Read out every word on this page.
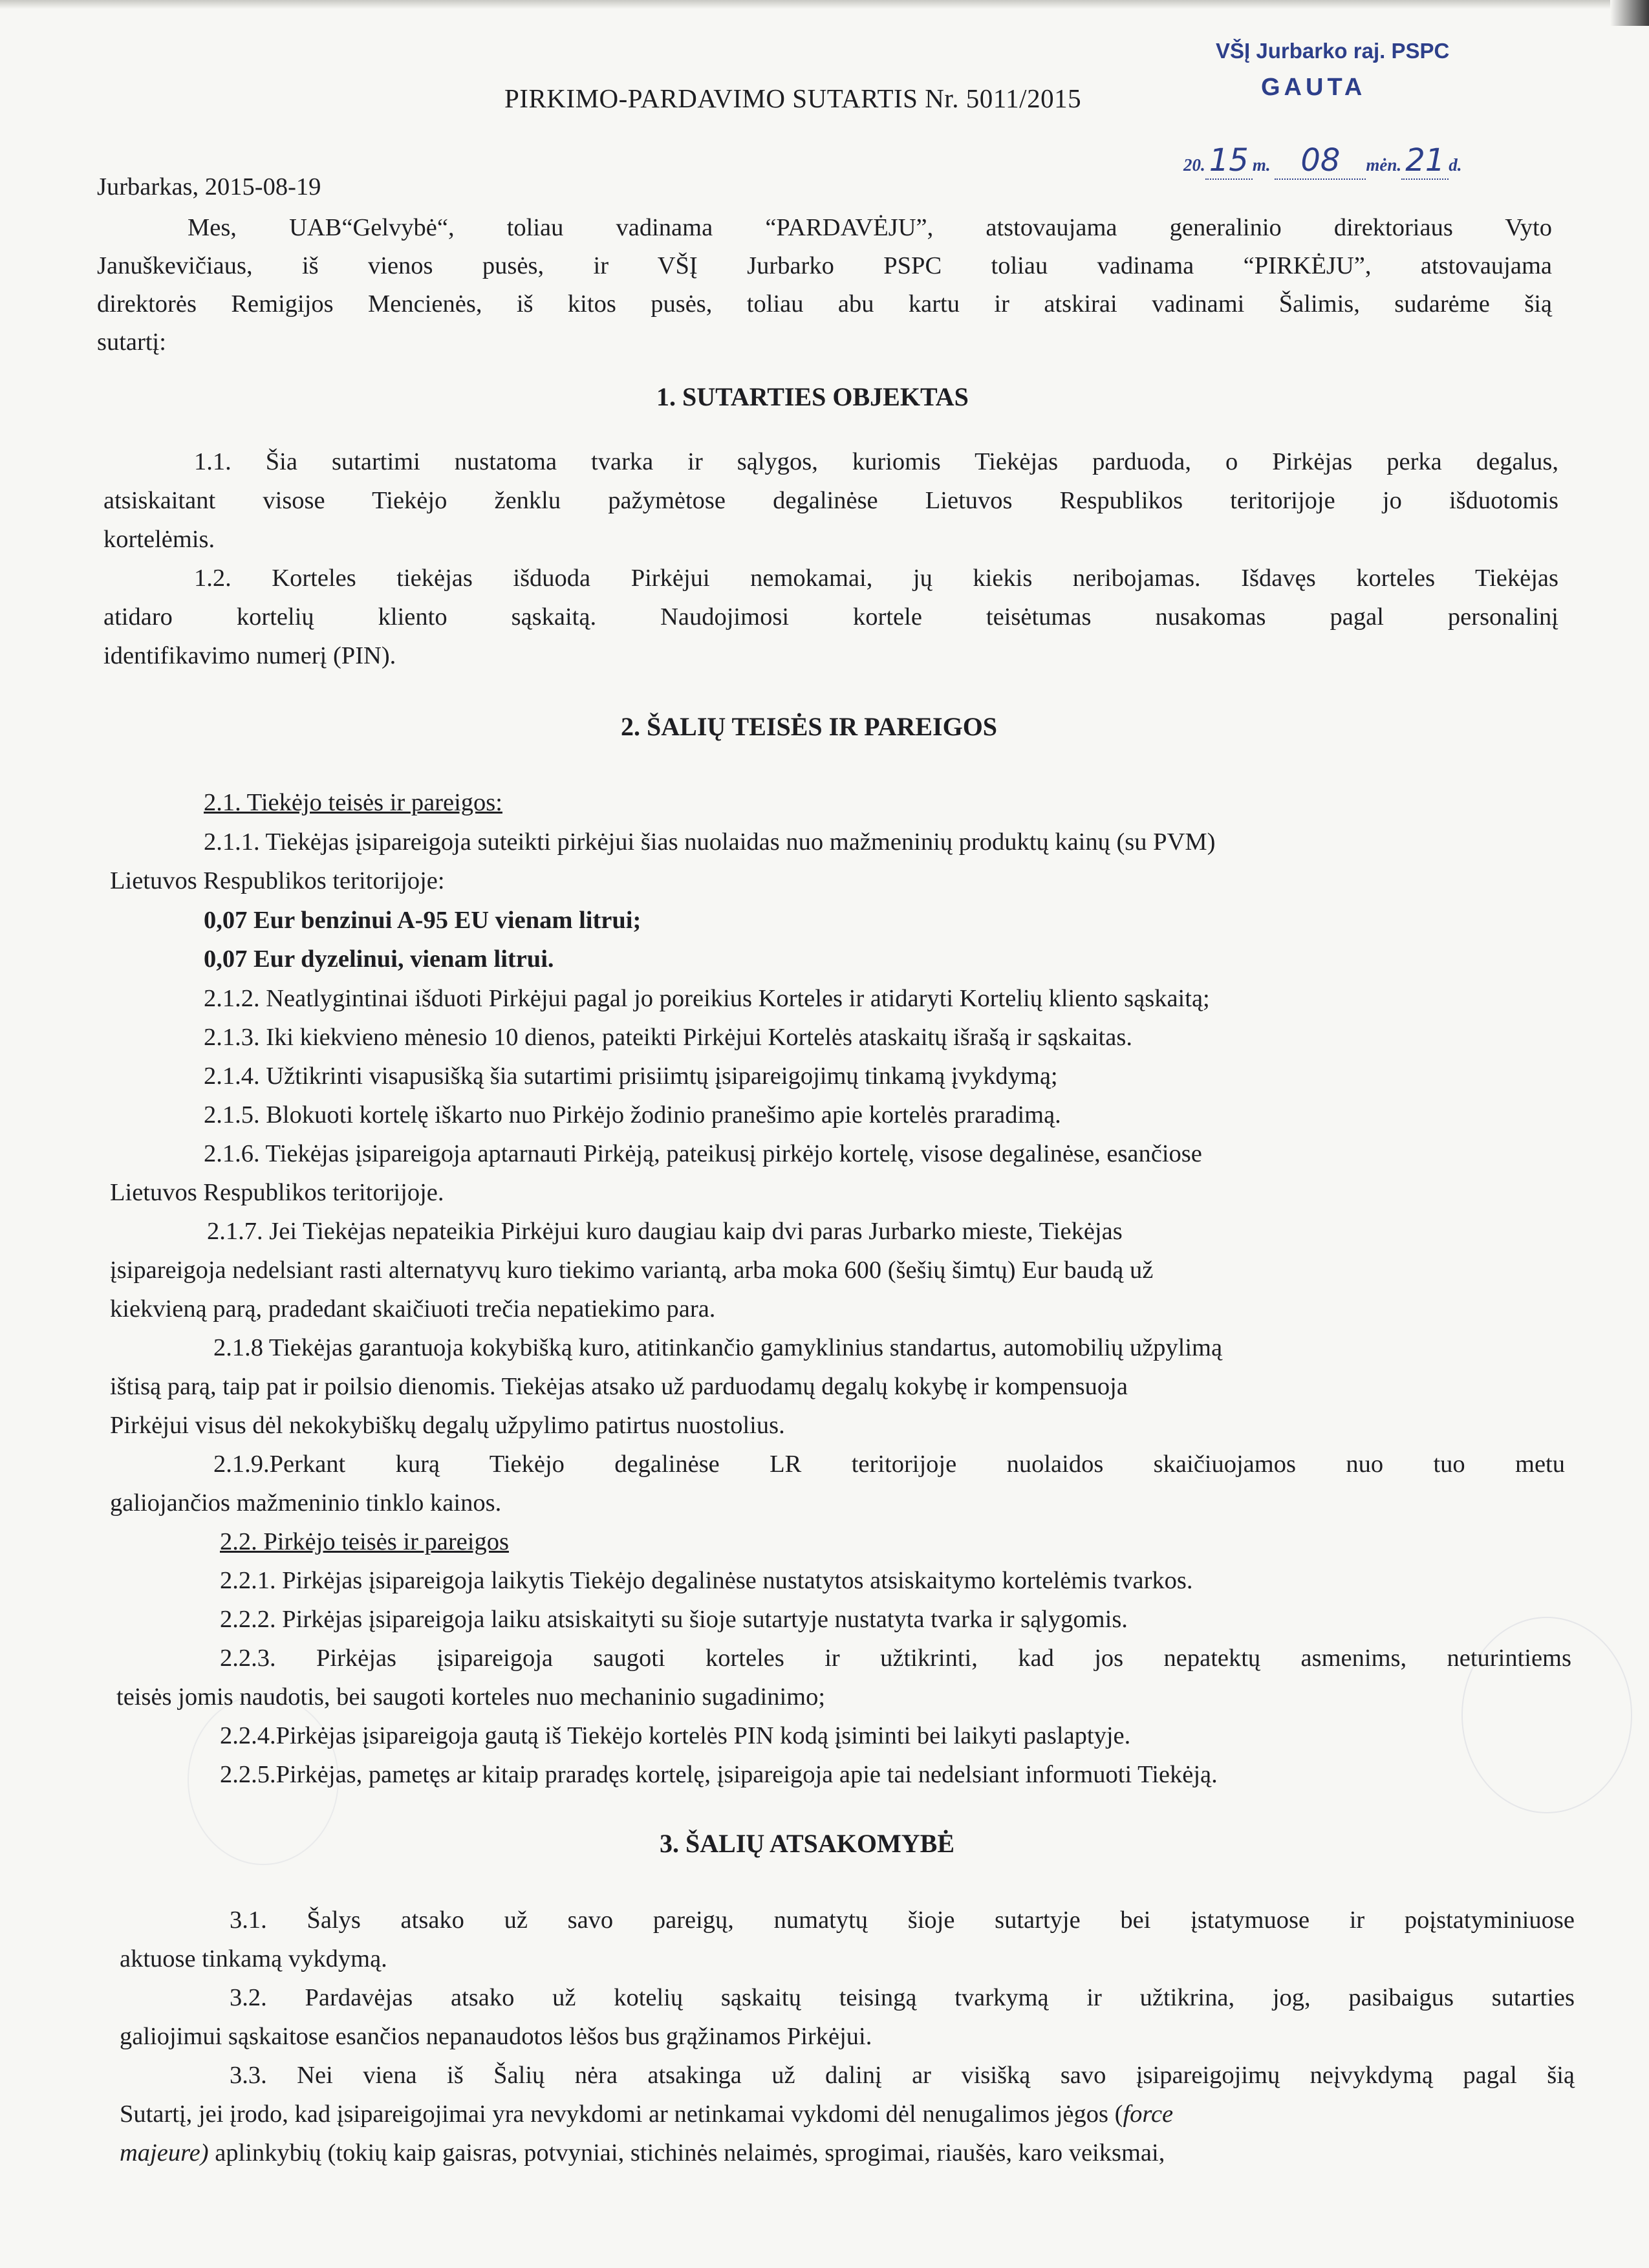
PIRKIMO-PARDAVIMO SUTARTIS Nr. 5011/2015
VŠĮ Jurbarko raj. PSPC
GAUTA
20. 15 m. 08 mėn. 21 d.
Jurbarkas, 2015-08-19
Mes, UAB“Gelvybė“, toliau vadinama “PARDAVĖJU”, atstovaujama generalinio direktoriaus Vyto
Januškevičiaus, iš vienos pusės, ir VŠĮ Jurbarko PSPC toliau vadinama “PIRKĖJU”, atstovaujama
direktorės Remigijos Mencienės, iš kitos pusės, toliau abu kartu ir atskirai vadinami Šalimis, sudarėme šią
sutartį:
1. SUTARTIES OBJEKTAS
1.1. Šia sutartimi nustatoma tvarka ir sąlygos, kuriomis Tiekėjas parduoda, o Pirkėjas perka degalus,
atsiskaitant visose Tiekėjo ženklu pažymėtose degalinėse Lietuvos Respublikos teritorijoje jo išduotomis
kortelėmis.
1.2. Korteles tiekėjas išduoda Pirkėjui nemokamai, jų kiekis neribojamas. Išdavęs korteles Tiekėjas
atidaro kortelių kliento sąskaitą. Naudojimosi kortele teisėtumas nusakomas pagal personalinį
identifikavimo numerį (PIN).
2. ŠALIŲ TEISĖS IR PAREIGOS
2.1. Tiekėjo teisės ir pareigos:
2.1.1. Tiekėjas įsipareigoja suteikti pirkėjui šias nuolaidas nuo mažmeninių produktų kainų (su PVM)
Lietuvos Respublikos teritorijoje:
0,07 Eur benzinui A-95 EU vienam litrui;
0,07 Eur dyzelinui, vienam litrui.
2.1.2. Neatlygintinai išduoti Pirkėjui pagal jo poreikius Korteles ir atidaryti Kortelių kliento sąskaitą;
2.1.3. Iki kiekvieno mėnesio 10 dienos, pateikti Pirkėjui Kortelės ataskaitų išrašą ir sąskaitas.
2.1.4. Užtikrinti visapusišką šia sutartimi prisiimtų įsipareigojimų tinkamą įvykdymą;
2.1.5. Blokuoti kortelę iškarto nuo Pirkėjo žodinio pranešimo apie kortelės praradimą.
2.1.6. Tiekėjas įsipareigoja aptarnauti Pirkėją, pateikusį pirkėjo kortelę, visose degalinėse, esančiose
Lietuvos Respublikos teritorijoje.
2.1.7. Jei Tiekėjas nepateikia Pirkėjui kuro daugiau kaip dvi paras Jurbarko mieste, Tiekėjas
įsipareigoja nedelsiant rasti alternatyvų kuro tiekimo variantą, arba moka 600 (šešių šimtų) Eur baudą už
kiekvieną parą, pradedant skaičiuoti trečia nepatiekimo para.
2.1.8 Tiekėjas garantuoja kokybišką kuro, atitinkančio gamyklinius standartus, automobilių užpylimą
ištisą parą, taip pat ir poilsio dienomis. Tiekėjas atsako už parduodamų degalų kokybę ir kompensuoja
Pirkėjui visus dėl nekokybiškų degalų užpylimo patirtus nuostolius.
2.1.9.Perkant kurą Tiekėjo degalinėse LR teritorijoje nuolaidos skaičiuojamos nuo tuo metu
galiojančios mažmeninio tinklo kainos.
2.2. Pirkėjo teisės ir pareigos
2.2.1. Pirkėjas įsipareigoja laikytis Tiekėjo degalinėse nustatytos atsiskaitymo kortelėmis tvarkos.
2.2.2. Pirkėjas įsipareigoja laiku atsiskaityti su šioje sutartyje nustatyta tvarka ir sąlygomis.
2.2.3. Pirkėjas įsipareigoja saugoti korteles ir užtikrinti, kad jos nepatektų asmenims, neturintiems
teisės jomis naudotis, bei saugoti korteles nuo mechaninio sugadinimo;
2.2.4.Pirkėjas įsipareigoja gautą iš Tiekėjo kortelės PIN kodą įsiminti bei laikyti paslaptyje.
2.2.5.Pirkėjas, pametęs ar kitaip praradęs kortelę, įsipareigoja apie tai nedelsiant informuoti Tiekėją.
3. ŠALIŲ ATSAKOMYBĖ
3.1. Šalys atsako už savo pareigų, numatytų šioje sutartyje bei įstatymuose ir poįstatyminiuose
aktuose tinkamą vykdymą.
3.2. Pardavėjas atsako už kotelių sąskaitų teisingą tvarkymą ir užtikrina, jog, pasibaigus sutarties
galiojimui sąskaitose esančios nepanaudotos lėšos bus grąžinamos Pirkėjui.
3.3. Nei viena iš Šalių nėra atsakinga už dalinį ar visišką savo įsipareigojimų neįvykdymą pagal šią
Sutartį, jei įrodo, kad įsipareigojimai yra nevykdomi ar netinkamai vykdomi dėl nenugalimos jėgos (force
majeure) aplinkybių (tokių kaip gaisras, potvyniai, stichinės nelaimės, sprogimai, riaušės, karo veiksmai,
